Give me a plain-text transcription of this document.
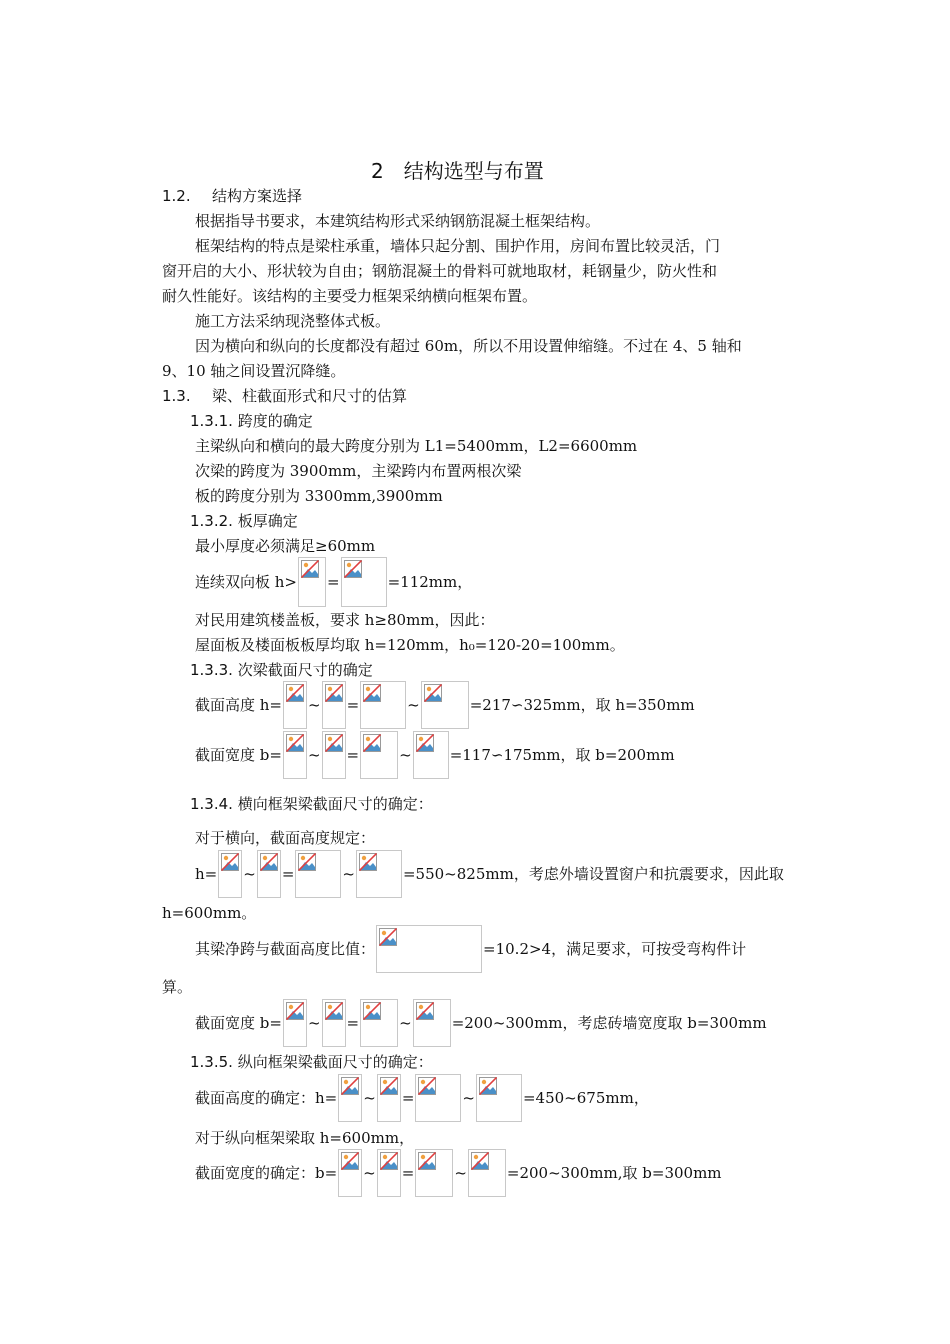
2　结构选型与布置
1.2. 结构方案选择
根据指导书要求，本建筑结构形式采纳钢筋混凝土框架结构。
框架结构的特点是梁柱承重，墙体只起分割、围护作用，房间布置比较灵活，门
窗开启的大小、形状较为自由；钢筋混凝土的骨料可就地取材，耗钢量少，防火性和
耐久性能好。该结构的主要受力框架采纳横向框架布置。
施工方法采纳现浇整体式板。
因为横向和纵向的长度都没有超过 60m，所以不用设置伸缩缝。不过在 4、5 轴和
9、10 轴之间设置沉降缝。
1.3. 梁、柱截面形式和尺寸的估算
1.3.1. 跨度的确定
主梁纵向和横向的最大跨度分别为 L1=5400mm，L2=6600mm
次梁的跨度为 3900mm，主梁跨内布置两根次梁
板的跨度分别为 3300mm,3900mm
1.3.2. 板厚确定
最小厚度必须满足≥60mm
连续双向板 h> =	=112mm，
对民用建筑楼盖板，要求 h≥80mm，因此：
屋面板及楼面板板厚均取 h=120mm，h₀=120-20=100mm。
1.3.3. 次梁截面尺寸的确定
截面高度 h= ~ =	~	=217∽325mm，取 h=350mm
截面宽度 b= ~ =	~	=117∽175mm，取 b=200mm
1.3.4. 横向框架梁截面尺寸的确定：
对于横向，截面高度规定：
h= ~ =	~	=550~825mm，考虑外墙设置窗户和抗震要求，因此取
h=600mm。
其梁净跨与截面高度比值：	=10.2>4，满足要求，可按受弯构件计
算。
截面宽度 b= ~ =	~	=200~300mm，考虑砖墙宽度取 b=300mm
1.3.5. 纵向框架梁截面尺寸的确定：
截面高度的确定：h= ~ =	~	=450~675mm，
对于纵向框架梁取 h=600mm，
截面宽度的确定：b= ~ =	~	=200~300mm,取 b=300mm
